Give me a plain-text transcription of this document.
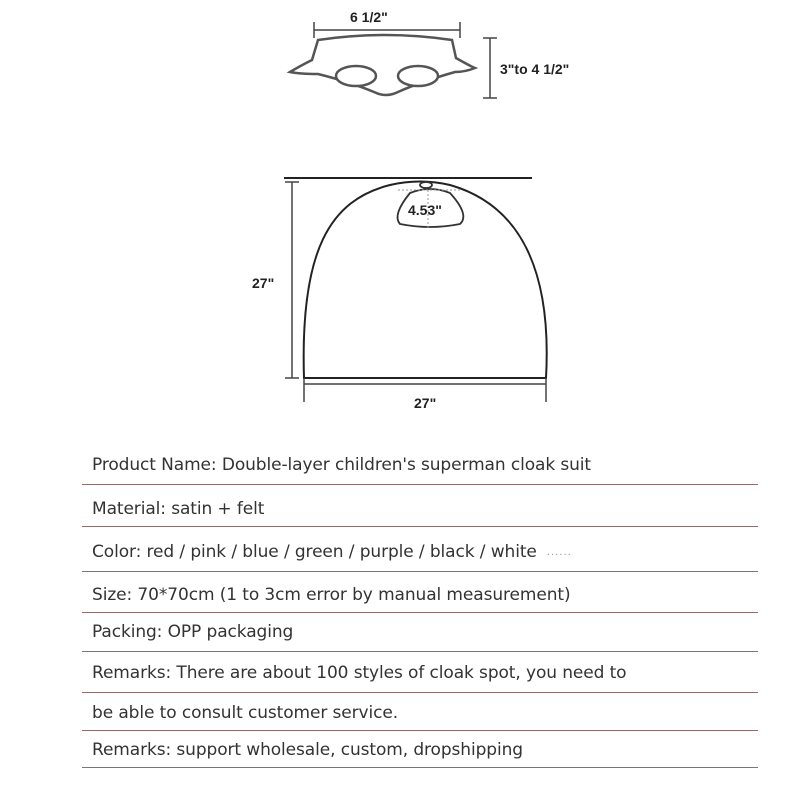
6 1/2"
3"to 4 1/2"
4.53"
27"
27"
Product Name: Double-layer children's superman cloak suit
Material: satin + felt
Color: red / pink / blue / green / purple / black / white ......
Size: 70*70cm (1 to 3cm error by manual measurement)
Packing: OPP packaging
Remarks: There are about 100 styles of cloak spot, you need to
be able to consult customer service.
Remarks: support wholesale, custom, dropshipping
